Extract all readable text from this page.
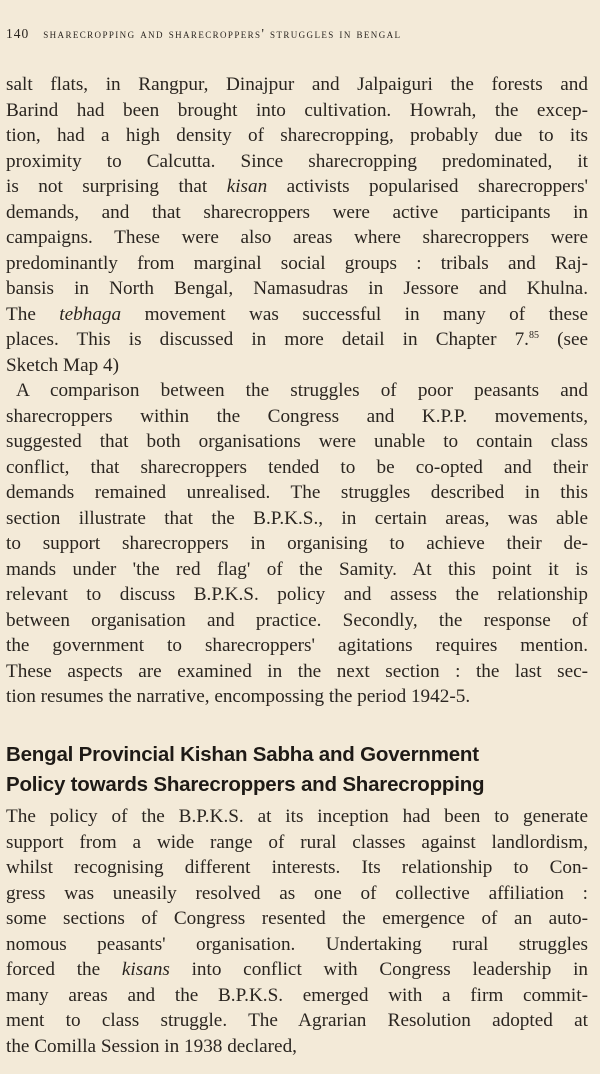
140 sharecropping and sharecroppers' struggles in bengal
salt flats, in Rangpur, Dinajpur and Jalpaiguri the forests and
Barind had been brought into cultivation. Howrah, the excep-
tion, had a high density of sharecropping, probably due to its
proximity to Calcutta. Since sharecropping predominated, it
is not surprising that kisan activists popularised sharecroppers'
demands, and that sharecroppers were active participants in
campaigns. These were also areas where sharecroppers were
predominantly from marginal social groups : tribals and Raj-
bansis in North Bengal, Namasudras in Jessore and Khulna.
The tebhaga movement was successful in many of these
places. This is discussed in more detail in Chapter 7.85 (see
Sketch Map 4)
A comparison between the struggles of poor peasants and
sharecroppers within the Congress and K.P.P. movements,
suggested that both organisations were unable to contain class
conflict, that sharecroppers tended to be co-opted and their
demands remained unrealised. The struggles described in this
section illustrate that the B.P.K.S., in certain areas, was able
to support sharecroppers in organising to achieve their de-
mands under 'the red flag' of the Samity. At this point it is
relevant to discuss B.P.K.S. policy and assess the relationship
between organisation and practice. Secondly, the response of
the government to sharecroppers' agitations requires mention.
These aspects are examined in the next section : the last sec-
tion resumes the narrative, encompossing the period 1942-5.
Bengal Provincial Kishan Sabha and Government
Policy towards Sharecroppers and Sharecropping
The policy of the B.P.K.S. at its inception had been to generate
support from a wide range of rural classes against landlordism,
whilst recognising different interests. Its relationship to Con-
gress was uneasily resolved as one of collective affiliation :
some sections of Congress resented the emergence of an auto-
nomous peasants' organisation. Undertaking rural struggles
forced the kisans into conflict with Congress leadership in
many areas and the B.P.K.S. emerged with a firm commit-
ment to class struggle. The Agrarian Resolution adopted at
the Comilla Session in 1938 declared,
